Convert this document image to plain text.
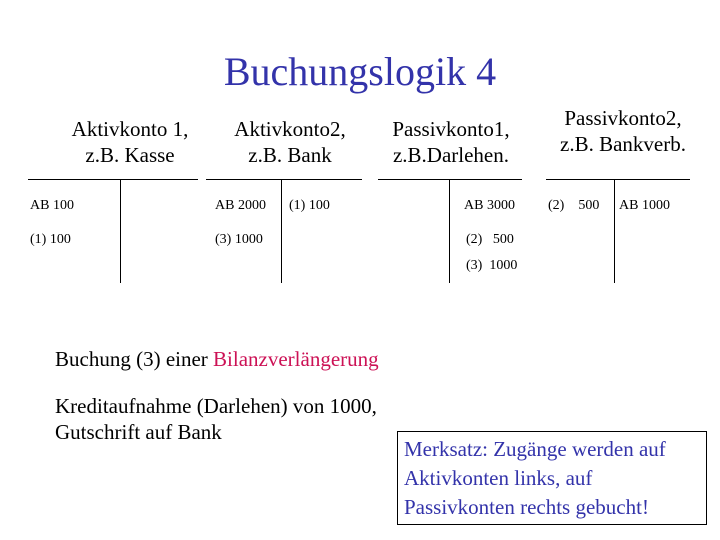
Buchungslogik 4
Aktivkonto 1,
z.B. Kasse
AB 100
(1) 100
Aktivkonto2,
z.B. Bank
AB 2000
(3) 1000
(1) 100
Passivkonto1,
z.B.Darlehen.
AB 3000
(2)   500
(3)  1000
Passivkonto2,
z.B. Bankverb.
(2)    500 AB 1000
Buchung (3) einer Bilanzverlängerung
Kreditaufnahme (Darlehen) von 1000,
Gutschrift auf Bank
Merksatz: Zugänge werden auf
Aktivkonten links, auf
Passivkonten rechts gebucht!
